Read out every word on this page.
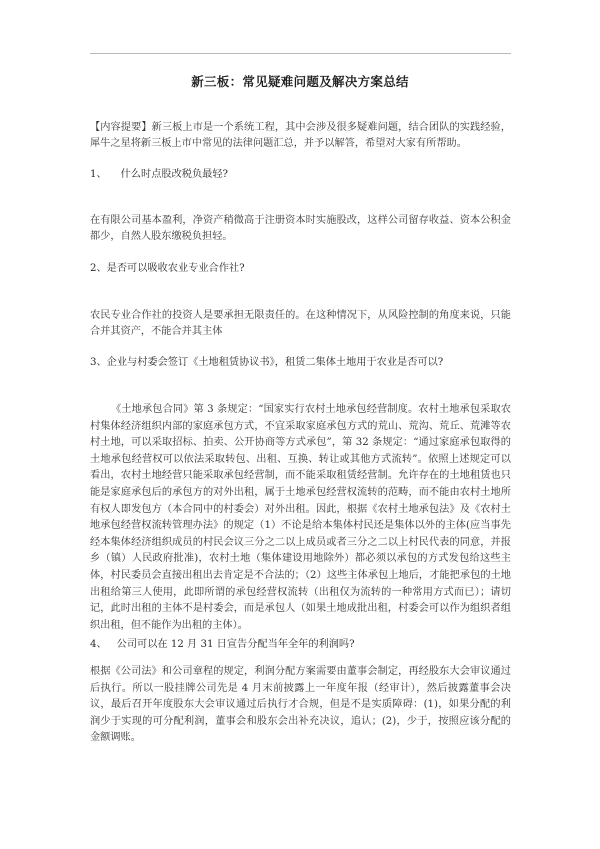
新三板：常见疑难问题及解决方案总结

【内容提要】新三板上市是一个系统工程，其中会涉及很多疑难问题，结合团队的实践经验，犀牛之星将新三板上市中常见的法律问题汇总，并予以解答，希望对大家有所帮助。

1、 什么时点股改税负最轻?

在有限公司基本盈利，净资产稍微高于注册资本时实施股改，这样公司留存收益、资本公积金都少，自然人股东缴税负担轻。

2、是否可以吸收农业专业合作社?

农民专业合作社的投资人是要承担无限责任的。在这种情况下，从风险控制的角度来说，只能合并其资产，不能合并其主体

3、企业与村委会签订《土地租赁协议书》，租赁二集体土地用于农业是否可以?

《土地承包合同》第 3 条规定：“国家实行农村土地承包经营制度。农村土地承包采取农村集体经济组织内部的家庭承包方式，不宜采取家庭承包方式的荒山、荒沟、荒丘、荒滩等农村土地，可以采取招标、拍卖、公开协商等方式承包”，第 32 条规定：“通过家庭承包取得的土地承包经营权可以依法采取转包、出租、互换、转让或其他方式流转”。依照上述规定可以看出，农村土地经营只能采取承包经营制，而不能采取租赁经营制。允许存在的土地租赁也只能是家庭承包后的承包方的对外出租，属于土地承包经营权流转的范畴，而不能由农村土地所有权人即发包方（本合同中的村委会）对外出租。因此，根据《农村土地承包法》及《农村土地承包经营权流转管理办法》的规定（1）不论是给本集体村民还是集体以外的主体(应当事先经本集体经济组织成员的村民会议三分之二以上成员或者三分之二以上村民代表的同意，并报乡（镇）人民政府批准)，农村土地（集体建设用地除外）都必须以承包的方式发包给这些主体，村民委员会直接出租出去肯定是不合法的；（2）这些主体承包上地后，才能把承包的土地出租给第三人使用，此即所谓的承包经营权流转（出租仅为流转的一种常用方式而已）；请切记，此时出租的主体不是村委会，而是承包人（如果土地成批出租，村委会可以作为组织者组织出租，但不能作为出租的主体）。

4、 公司可以在 12 月 31 日宣告分配当年全年的利润吗?

根据《公司法》和公司章程的规定，利润分配方案需要由董事会制定，再经股东大会审议通过后执行。所以一股挂牌公司先是 4 月末前披露上一年度年报（经审计），然后披露董事会决议，最后召开年度股东大会审议通过后执行才合规，但是不是实质障碍：(1)，如果分配的利润少于实现的可分配利润，董事会和股东会出补充决议，追认；(2)，少于，按照应该分配的金额调账。
